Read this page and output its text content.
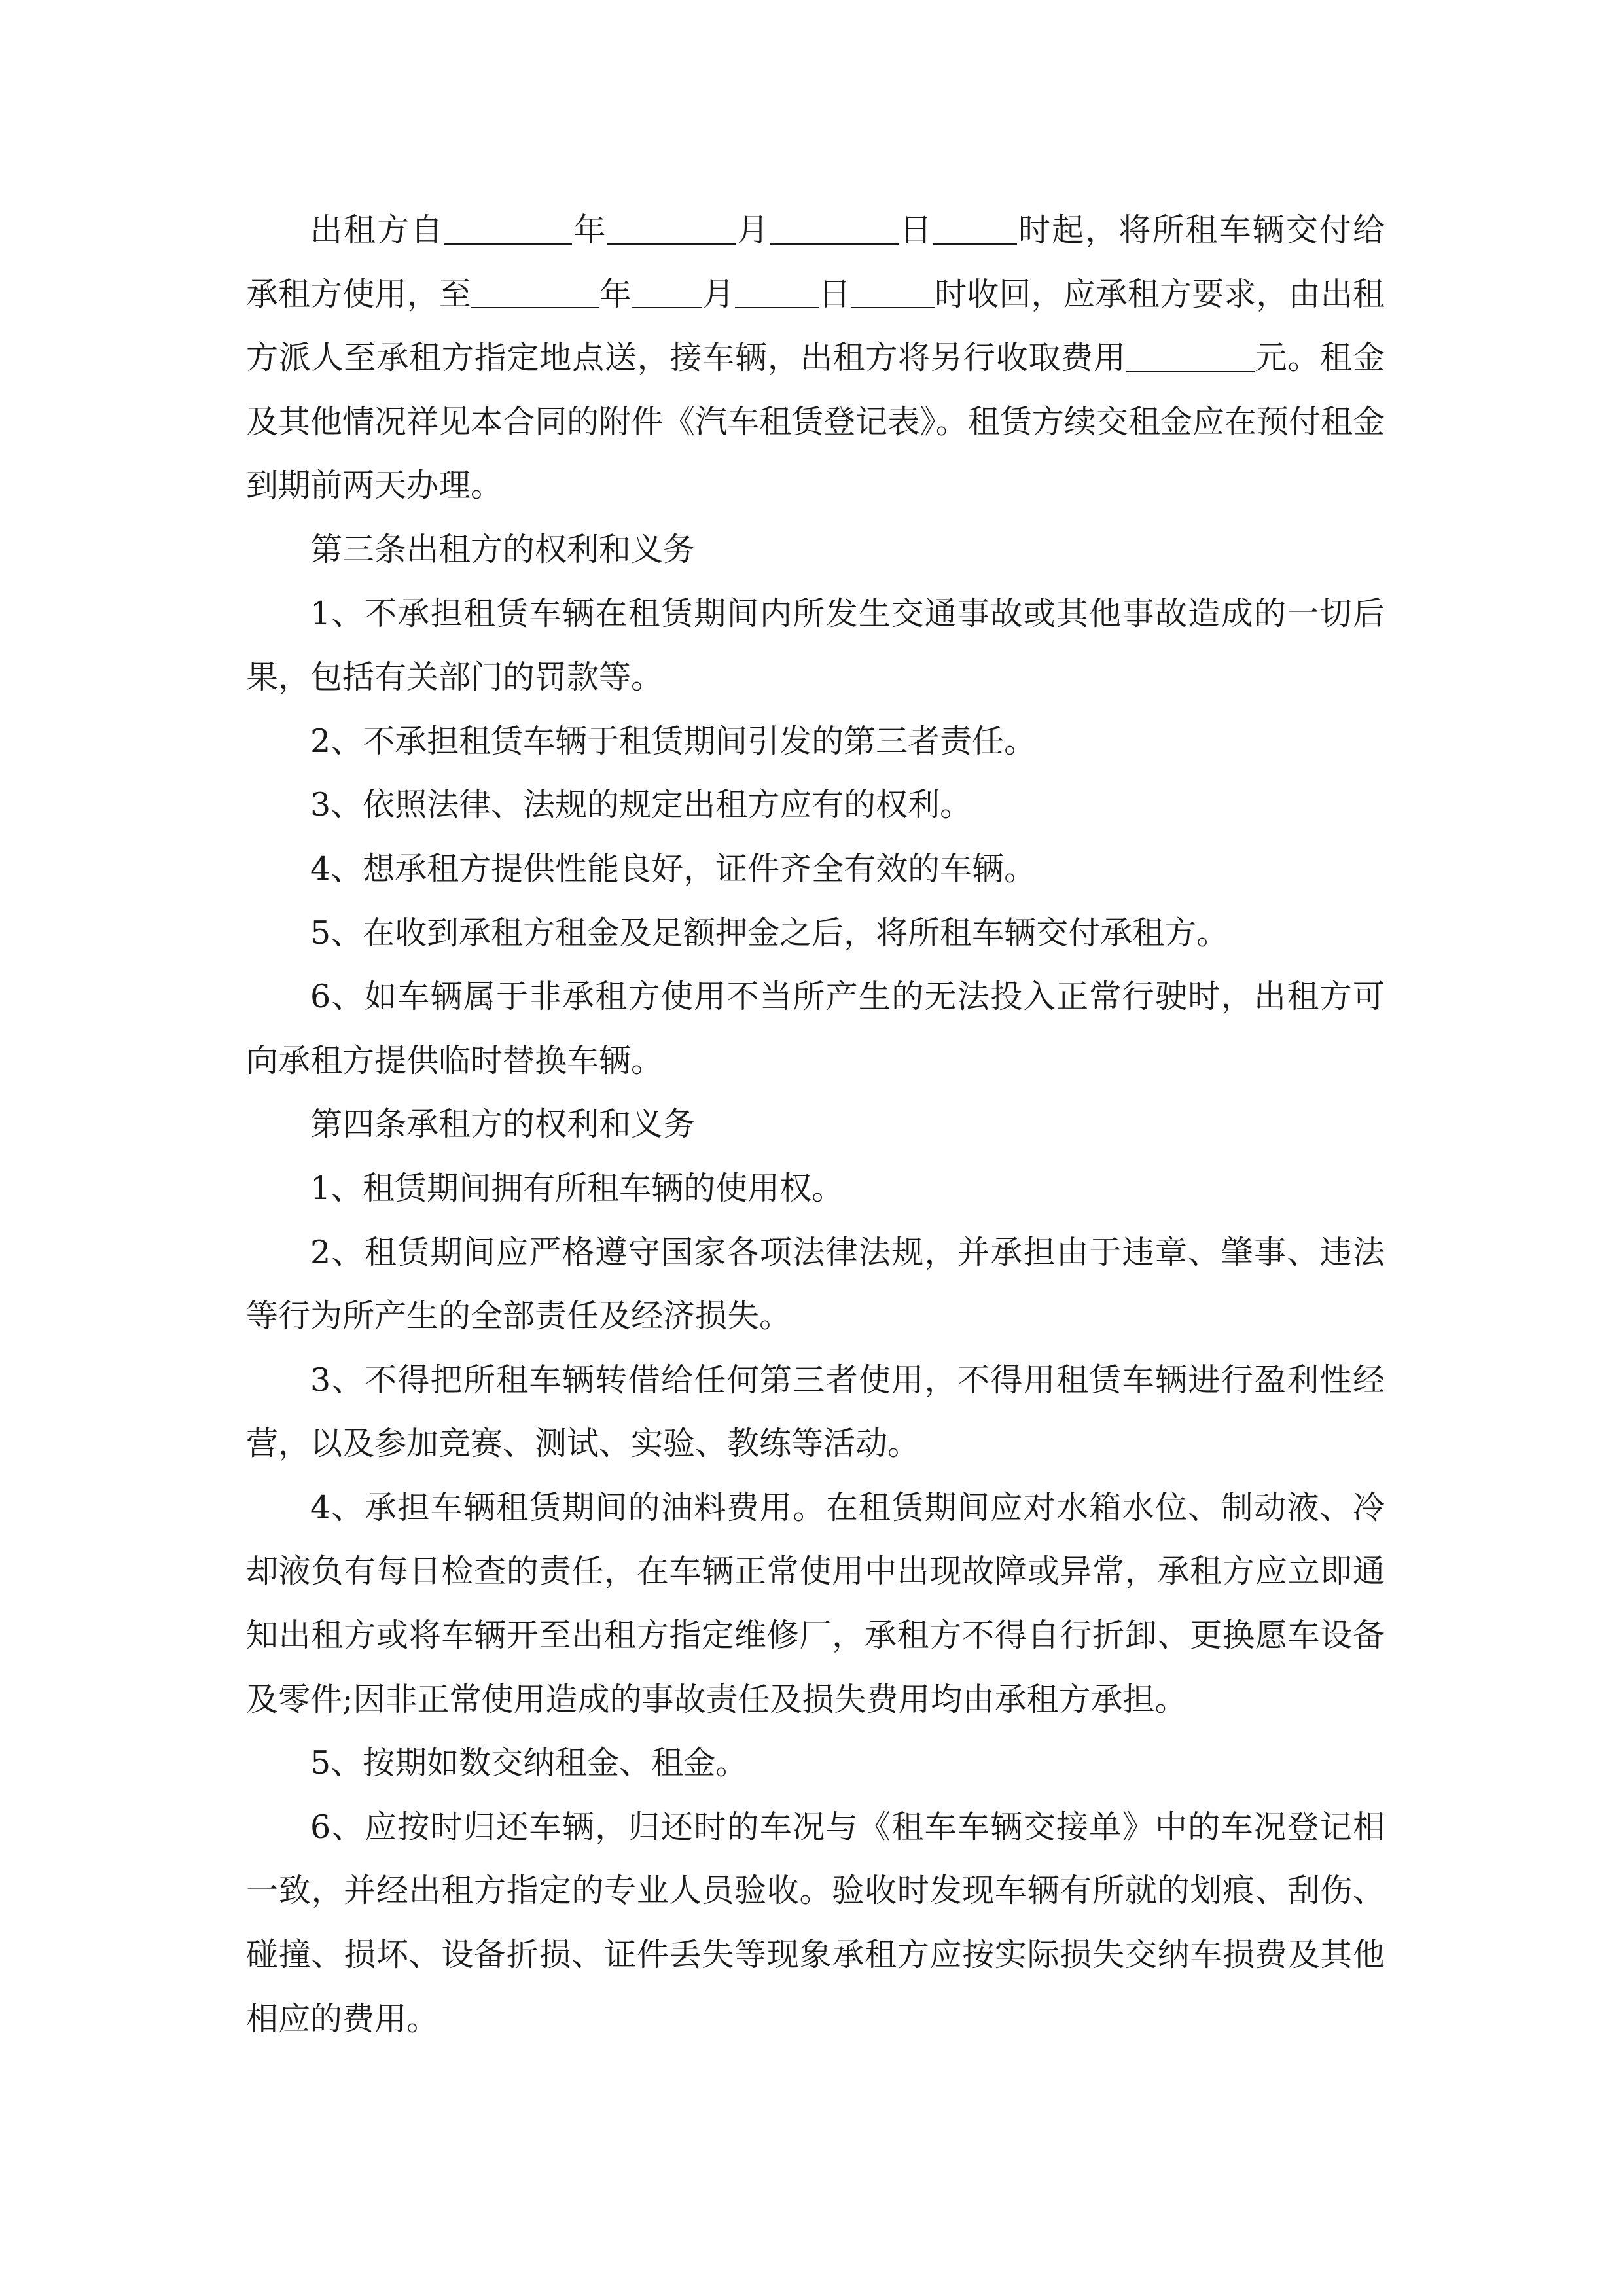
出租方自	年	月	日	时起，将所租车辆交付给承租方使用，至	年 月	日	时收回，应承租方要求，由出租方派人至承租方指定地点送，接车辆，出租方将另行收取费用	元。租金及其他情况祥见本合同的附件《汽车租赁登记表》。租赁方续交租金应在预付租金到期前两天办理。

第三条出租方的权利和义务

1、不承担租赁车辆在租赁期间内所发生交通事故或其他事故造成的一切后果，包括有关部门的罚款等。

2、不承担租赁车辆于租赁期间引发的第三者责任。

3、依照法律、法规的规定出租方应有的权利。

4、想承租方提供性能良好，证件齐全有效的车辆。

5、在收到承租方租金及足额押金之后，将所租车辆交付承租方。

6、如车辆属于非承租方使用不当所产生的无法投入正常行驶时，出租方可向承租方提供临时替换车辆。

第四条承租方的权利和义务

1、租赁期间拥有所租车辆的使用权。

2、租赁期间应严格遵守国家各项法律法规，并承担由于违章、肇事、违法等行为所产生的全部责任及经济损失。

3、不得把所租车辆转借给任何第三者使用，不得用租赁车辆进行盈利性经营，以及参加竞赛、测试、实验、教练等活动。

4、承担车辆租赁期间的油料费用。在租赁期间应对水箱水位、制动液、冷却液负有每日检查的责任，在车辆正常使用中出现故障或异常，承租方应立即通知出租方或将车辆开至出租方指定维修厂，承租方不得自行折卸、更换愿车设备及零件;因非正常使用造成的事故责任及损失费用均由承租方承担。

5、按期如数交纳租金、租金。

6、应按时归还车辆，归还时的车况与《租车车辆交接单》中的车况登记相一致，并经出租方指定的专业人员验收。验收时发现车辆有所就的划痕、刮伤、碰撞、损坏、设备折损、证件丢失等现象承租方应按实际损失交纳车损费及其他相应的费用。
